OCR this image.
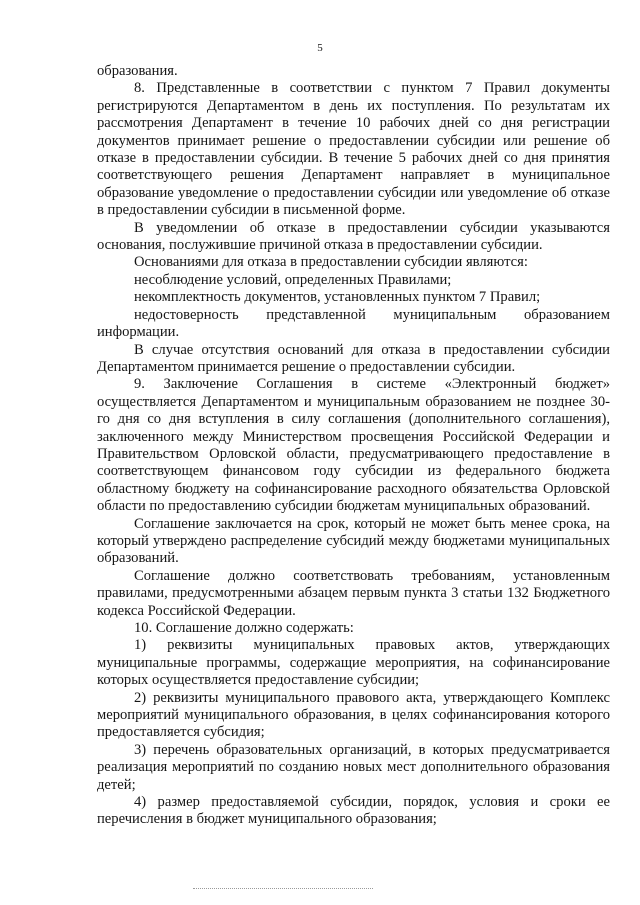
5

образования.

8. Представленные в соответствии с пунктом 7 Правил документы регистрируются Департаментом в день их поступления. По результатам их рассмотрения Департамент в течение 10 рабочих дней со дня регистрации документов принимает решение о предоставлении субсидии или решение об отказе в предоставлении субсидии. В течение 5 рабочих дней со дня принятия соответствующего решения Департамент направляет в муниципальное образование уведомление о предоставлении субсидии или уведомление об отказе в предоставлении субсидии в письменной форме.

В уведомлении об отказе в предоставлении субсидии указываются основания, послужившие причиной отказа в предоставлении субсидии.

Основаниями для отказа в предоставлении субсидии являются:

несоблюдение условий, определенных Правилами;

некомплектность документов, установленных пунктом 7 Правил;

недостоверность представленной муниципальным образованием информации.

В случае отсутствия оснований для отказа в предоставлении субсидии Департаментом принимается решение о предоставлении субсидии.

9. Заключение Соглашения в системе «Электронный бюджет» осуществляется Департаментом и муниципальным образованием не позднее 30-го дня со дня вступления в силу соглашения (дополнительного соглашения), заключенного между Министерством просвещения Российской Федерации и Правительством Орловской области, предусматривающего предоставление в соответствующем финансовом году субсидии из федерального бюджета областному бюджету на софинансирование расходного обязательства Орловской области по предоставлению субсидии бюджетам муниципальных образований.

Соглашение заключается на срок, который не может быть менее срока, на который утверждено распределение субсидий между бюджетами муниципальных образований.

Соглашение должно соответствовать требованиям, установленным правилами, предусмотренными абзацем первым пункта 3 статьи 132 Бюджетного кодекса Российской Федерации.

10. Соглашение должно содержать:

1) реквизиты муниципальных правовых актов, утверждающих муниципальные программы, содержащие мероприятия, на софинансирование которых осуществляется предоставление субсидии;

2) реквизиты муниципального правового акта, утверждающего Комплекс мероприятий муниципального образования, в целях софинансирования которого предоставляется субсидия;

3) перечень образовательных организаций, в которых предусматривается реализация мероприятий по созданию новых мест дополнительного образования детей;

4) размер предоставляемой субсидии, порядок, условия и сроки ее перечисления в бюджет муниципального образования;
